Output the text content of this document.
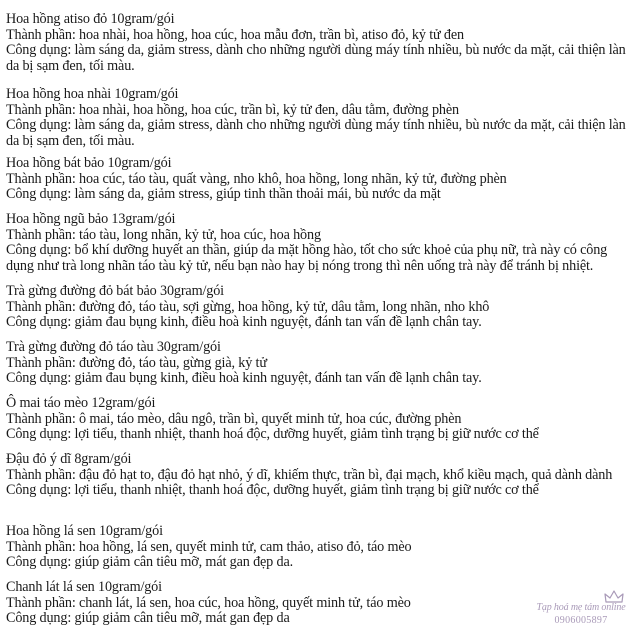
Hoa hồng atiso đỏ 10gram/gói
Thành phần: hoa nhài, hoa hồng, hoa cúc, hoa mẫu đơn, trần bì, atiso đỏ, kỷ tử đen
Công dụng: làm sáng da, giảm stress, dành cho những người dùng máy tính nhiều, bù nước da mặt, cải thiện làn da bị sạm đen, tối màu.
Hoa hồng hoa nhài 10gram/gói
Thành phần: hoa nhài, hoa hồng, hoa cúc, trần bì, kỷ tử đen, dâu tằm, đường phèn
Công dụng: làm sáng da, giảm stress, dành cho những người dùng máy tính nhiều, bù nước da mặt, cải thiện làn da bị sạm đen, tối màu.
Hoa hồng bát bảo 10gram/gói
Thành phần: hoa cúc, táo tàu, quất vàng, nho khô, hoa hồng, long nhãn, kỷ tử, đường phèn
Công dụng: làm sáng da, giảm stress, giúp tinh thần thoải mái, bù nước da mặt
Hoa hồng ngũ bảo 13gram/gói
Thành phần: táo tàu, long nhãn, kỷ tử, hoa cúc, hoa hồng
Công dụng: bổ khí dưỡng huyết an thần, giúp da mặt hồng hào, tốt cho sức khoẻ của phụ nữ, trà này có công dụng như trà long nhãn táo tàu kỷ tử, nếu bạn nào hay bị nóng trong thì nên uống trà này để tránh bị nhiệt.
Trà gừng đường đỏ bát bảo 30gram/gói
Thành phần: đường đỏ, táo tàu, sợi gừng, hoa hồng, kỷ tử, dâu tằm, long nhãn, nho khô
Công dụng: giảm đau bụng kinh, điều hoà kinh nguyệt, đánh tan vấn đề lạnh chân tay.
Trà gừng đường đỏ táo tàu 30gram/gói
Thành phần: đường đỏ, táo tàu, gừng già, kỷ tử
Công dụng: giảm đau bụng kinh, điều hoà kinh nguyệt, đánh tan vấn đề lạnh chân tay.
Ô mai táo mèo 12gram/gói
Thành phần: ô mai, táo mèo, dâu ngô, trần bì, quyết minh tử, hoa cúc, đường phèn
Công dụng: lợi tiểu, thanh nhiệt, thanh hoá độc, dưỡng huyết, giảm tình trạng bị giữ nước cơ thể
Đậu đỏ ý dĩ 8gram/gói
Thành phần: đậu đỏ hạt to, đậu đỏ hạt nhỏ, ý dĩ, khiếm thực, trần bì, đại mạch, khổ kiều mạch, quả dành dành
Công dụng: lợi tiểu, thanh nhiệt, thanh hoá độc, dưỡng huyết, giảm tình trạng bị giữ nước cơ thể
Hoa hồng lá sen 10gram/gói
Thành phần: hoa hồng, lá sen, quyết minh tử, cam thảo, atiso đỏ, táo mèo
Công dụng: giúp giảm cân tiêu mỡ, mát gan đẹp da.
Chanh lát lá sen 10gram/gói
Thành phần: chanh lát, lá sen, hoa cúc, hoa hồng, quyết minh tử, táo mèo
Công dụng: giúp giảm cân tiêu mỡ, mát gan đẹp da
Tạp hoá mẹ tám online
0906005897
